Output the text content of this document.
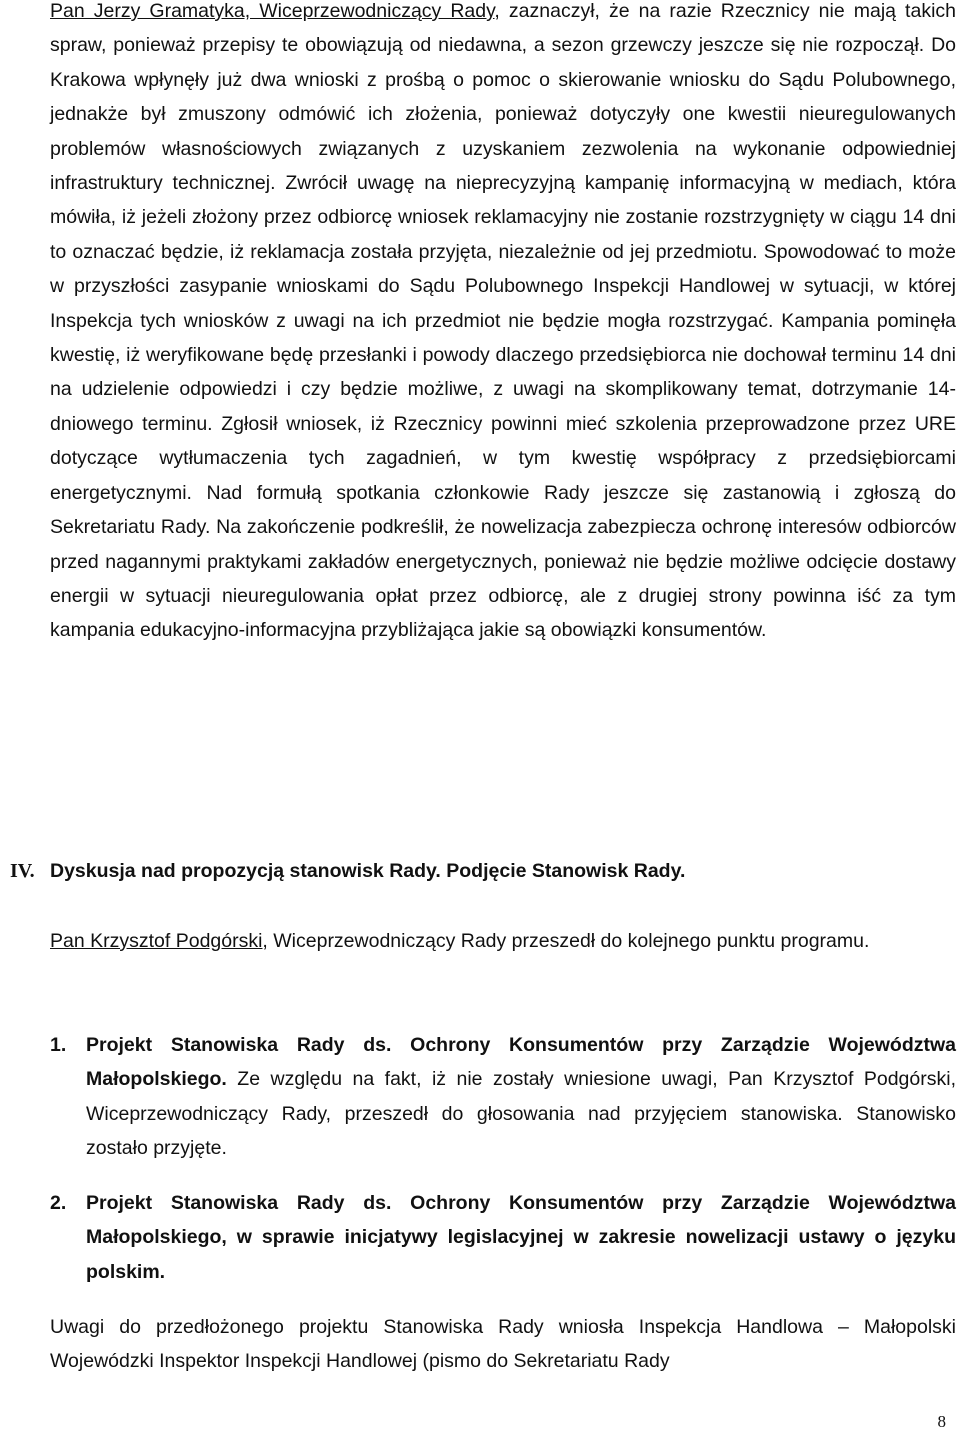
Pan Jerzy Gramatyka, Wiceprzewodniczący Rady, zaznaczył, że na razie Rzecznicy nie mają takich spraw, ponieważ przepisy te obowiązują od niedawna, a sezon grzewczy jeszcze się nie rozpoczął. Do Krakowa wpłynęły już dwa wnioski z prośbą o pomoc o skierowanie wniosku do Sądu Polubownego, jednakże był zmuszony odmówić ich złożenia, ponieważ dotyczyły one kwestii nieuregulowanych problemów własnościowych związanych z uzyskaniem zezwolenia na wykonanie odpowiedniej infrastruktury technicznej. Zwrócił uwagę na nieprecyzyjną kampanię informacyjną w mediach, która mówiła, iż jeżeli złożony przez odbiorcę wniosek reklamacyjny nie zostanie rozstrzygnięty w ciągu 14 dni to oznaczać będzie, iż reklamacja została przyjęta, niezależnie od jej przedmiotu. Spowodować to może w przyszłości zasypanie wnioskami do Sądu Polubownego Inspekcji Handlowej w sytuacji, w której Inspekcja tych wniosków z uwagi na ich przedmiot nie będzie mogła rozstrzygać. Kampania pominęła kwestię, iż weryfikowane będę przesłanki i powody dlaczego przedsiębiorca nie dochował terminu 14 dni na udzielenie odpowiedzi i czy będzie możliwe, z uwagi na skomplikowany temat, dotrzymanie 14-dniowego terminu. Zgłosił wniosek, iż Rzecznicy powinni mieć szkolenia przeprowadzone przez URE dotyczące wytłumaczenia tych zagadnień, w tym kwestię współpracy z przedsiębiorcami energetycznymi. Nad formułą spotkania członkowie Rady jeszcze się zastanowią i zgłoszą do Sekretariatu Rady. Na zakończenie podkreślił, że nowelizacja zabezpiecza ochronę interesów odbiorców przed nagannymi praktykami zakładów energetycznych, ponieważ nie będzie możliwe odcięcie dostawy energii w sytuacji nieuregulowania opłat przez odbiorcę, ale z drugiej strony powinna iść za tym kampania edukacyjno-informacyjna przybliżająca jakie są obowiązki konsumentów.

IV. Dyskusja nad propozycją stanowisk Rady. Podjęcie Stanowisk Rady.

Pan Krzysztof Podgórski, Wiceprzewodniczący Rady przeszedł do kolejnego punktu programu.

1. Projekt Stanowiska Rady ds. Ochrony Konsumentów przy Zarządzie Województwa Małopolskiego. Ze względu na fakt, iż nie zostały wniesione uwagi, Pan Krzysztof Podgórski, Wiceprzewodniczący Rady, przeszedł do głosowania nad przyjęciem stanowiska. Stanowisko zostało przyjęte.

2. Projekt Stanowiska Rady ds. Ochrony Konsumentów przy Zarządzie Województwa Małopolskiego, w sprawie inicjatywy legislacyjnej w zakresie nowelizacji ustawy o języku polskim.

Uwagi do przedłożonego projektu Stanowiska Rady wniosła Inspekcja Handlowa – Małopolski Wojewódzki Inspektor Inspekcji Handlowej (pismo do Sekretariatu Rady

8
